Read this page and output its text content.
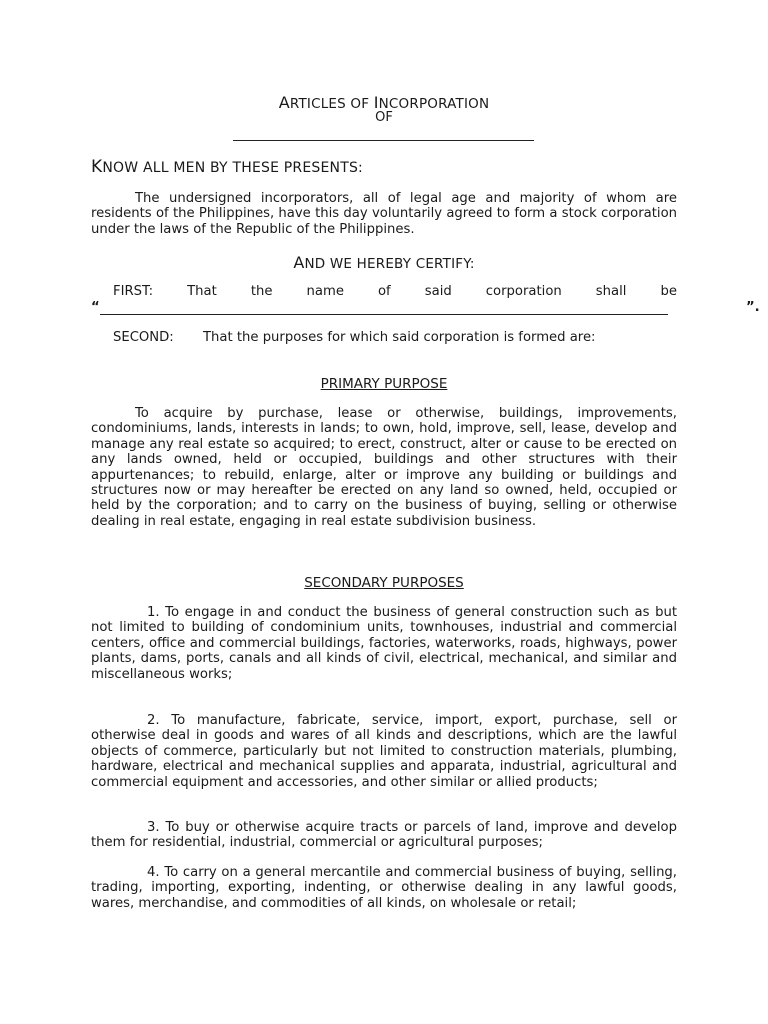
ARTICLES OF INCORPORATION
OF
KNOW ALL MEN BY THESE PRESENTS:
The undersigned incorporators, all of legal age and majority of whom are residents of the Philippines, have this day voluntarily agreed to form a stock corporation under the laws of the Republic of the Philippines.
AND WE HEREBY CERTIFY:
FIRST:	That	the	name	of	said	corporation	shall	be
“	”.
SECOND: That the purposes for which said corporation is formed are:
PRIMARY PURPOSE
To acquire by purchase, lease or otherwise, buildings, improvements, condominiums, lands, interests in lands; to own, hold, improve, sell, lease, develop and manage any real estate so acquired; to erect, construct, alter or cause to be erected on any lands owned, held or occupied, buildings and other structures with their appurtenances; to rebuild, enlarge, alter or improve any building or buildings and structures now or may hereafter be erected on any land so owned, held, occupied or held by the corporation; and to carry on the business of buying, selling or otherwise dealing in real estate, engaging in real estate subdivision business.
SECONDARY PURPOSES
1. To engage in and conduct the business of general construction such as but not limited to building of condominium units, townhouses, industrial and commercial centers, office and commercial buildings, factories, waterworks, roads, highways, power plants, dams, ports, canals and all kinds of civil, electrical, mechanical, and similar and miscellaneous works;
2. To manufacture, fabricate, service, import, export, purchase, sell or otherwise deal in goods and wares of all kinds and descriptions, which are the lawful objects of commerce, particularly but not limited to construction materials, plumbing, hardware, electrical and mechanical supplies and apparata, industrial, agricultural and commercial equipment and accessories, and other similar or allied products;
3. To buy or otherwise acquire tracts or parcels of land, improve and develop them for residential, industrial, commercial or agricultural purposes;
4. To carry on a general mercantile and commercial business of buying, selling, trading, importing, exporting, indenting, or otherwise dealing in any lawful goods, wares, merchandise, and commodities of all kinds, on wholesale or retail;
